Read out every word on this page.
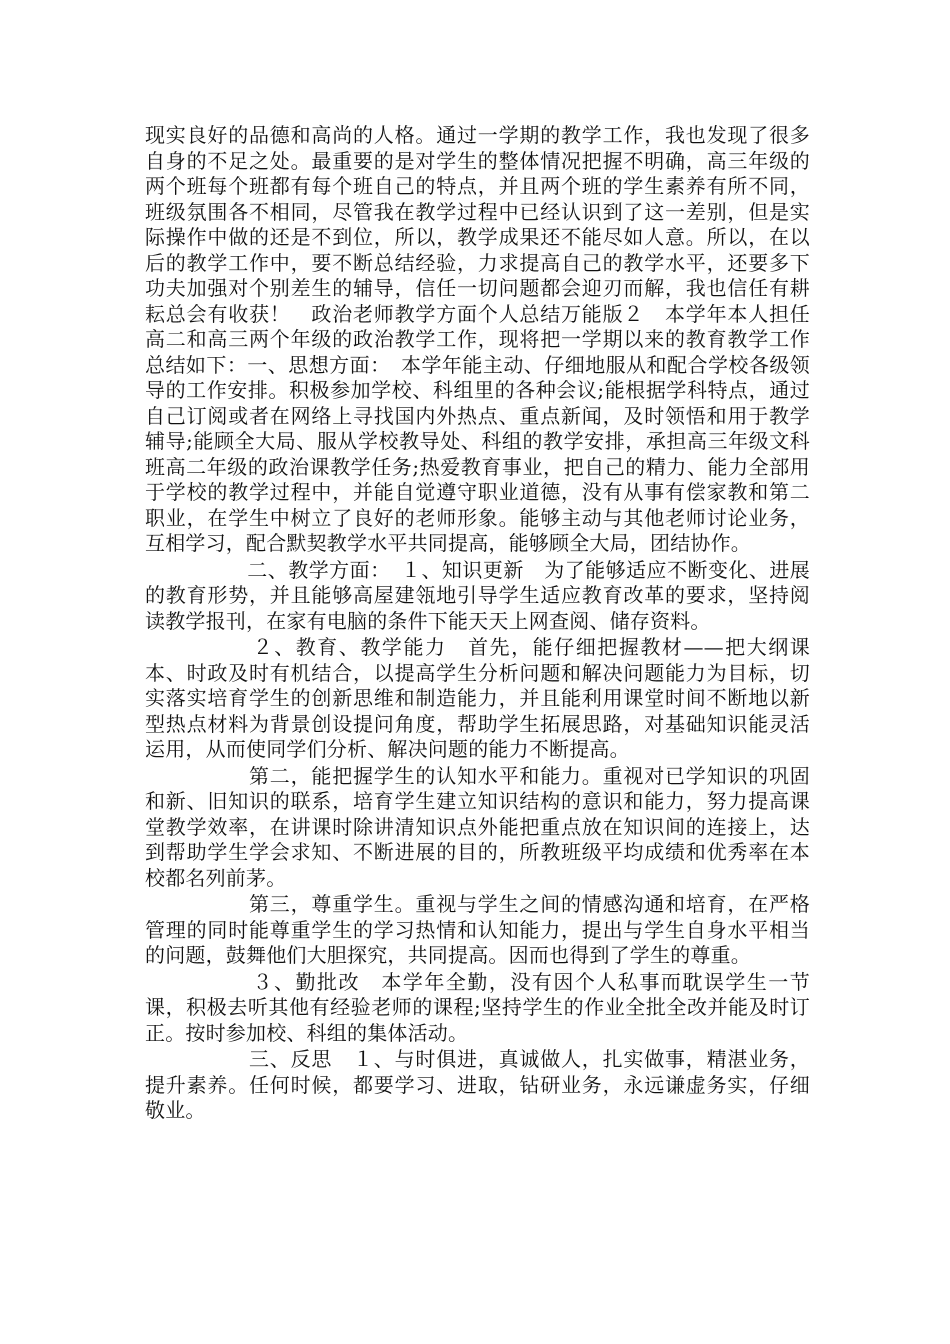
现实良好的品德和高尚的人格。通过一学期的教学工作，我也发现了很多自身的不足之处。最重要的是对学生的整体情况把握不明确，高三年级的两个班每个班都有每个班自己的特点，并且两个班的学生素养有所不同，班级氛围各不相同，尽管我在教学过程中已经认识到了这一差别，但是实际操作中做的还是不到位，所以，教学成果还不能尽如人意。所以，在以后的教学工作中，要不断总结经验，力求提高自己的教学水平，还要多下功夫加强对个别差生的辅导，信任一切问题都会迎刃而解，我也信任有耕耘总会有收获！　政治老师教学方面个人总结万能版２　本学年本人担任高二和高三两个年级的政治教学工作，现将把一学期以来的教育教学工作总结如下：一、思想方面：　本学年能主动、仔细地服从和配合学校各级领导的工作安排。积极参加学校、科组里的各种会议;能根据学科特点，通过自己订阅或者在网络上寻找国内外热点、重点新闻，及时领悟和用于教学辅导;能顾全大局、服从学校教导处、科组的教学安排，承担高三年级文科班高二年级的政治课教学任务;热爱教育事业，把自己的精力、能力全部用于学校的教学过程中，并能自觉遵守职业道德，没有从事有偿家教和第二职业，在学生中树立了良好的老师形象。能够主动与其他老师讨论业务，互相学习，配合默契教学水平共同提高，能够顾全大局，团结协作。

　　　　　二、教学方面：　１、知识更新　为了能够适应不断变化、进展的教育形势，并且能够高屋建瓴地引导学生适应教育改革的要求，坚持阅读教学报刊，在家有电脑的条件下能天天上网查阅、储存资料。

　　　　　２、教育、教学能力　首先，能仔细把握教材——把大纲课本、时政及时有机结合，以提高学生分析问题和解决问题能力为目标，切实落实培育学生的创新思维和制造能力，并且能利用课堂时间不断地以新型热点材料为背景创设提问角度，帮助学生拓展思路，对基础知识能灵活运用，从而使同学们分析、解决问题的能力不断提高。

　　　　　第二，能把握学生的认知水平和能力。重视对已学知识的巩固和新、旧知识的联系，培育学生建立知识结构的意识和能力，努力提高课堂教学效率，在讲课时除讲清知识点外能把重点放在知识间的连接上，达到帮助学生学会求知、不断进展的目的，所教班级平均成绩和优秀率在本校都名列前茅。

　　　　　第三，尊重学生。重视与学生之间的情感沟通和培育，在严格管理的同时能尊重学生的学习热情和认知能力，提出与学生自身水平相当的问题，鼓舞他们大胆探究，共同提高。因而也得到了学生的尊重。

　　　　　３、勤批改　本学年全勤，没有因个人私事而耽误学生一节课，积极去听其他有经验老师的课程;坚持学生的作业全批全改并能及时订正。按时参加校、科组的集体活动。

　　　　　三、反思　１、与时俱进，真诚做人，扎实做事，精湛业务，提升素养。任何时候，都要学习、进取，钻研业务，永远谦虚务实，仔细敬业。
